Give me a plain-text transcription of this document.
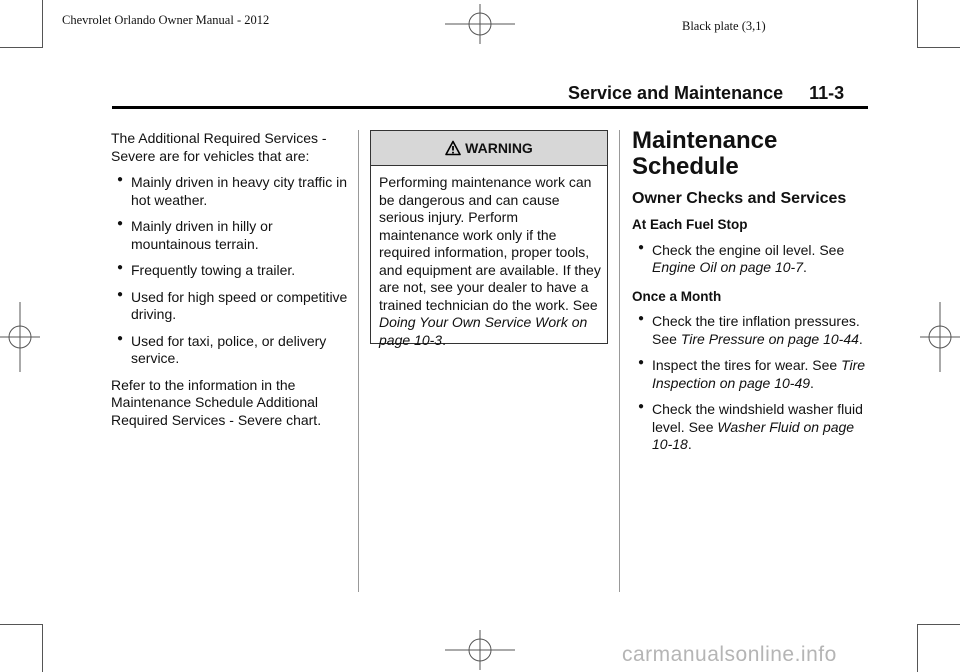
Chevrolet Orlando Owner Manual - 2012	Black plate (3,1)
Service and Maintenance 11-3

The Additional Required Services - Severe are for vehicles that are:

● Mainly driven in heavy city traffic in hot weather.
● Mainly driven in hilly or mountainous terrain.
● Frequently towing a trailer.
● Used for high speed or competitive driving.
● Used for taxi, police, or delivery service.

Refer to the information in the Maintenance Schedule Additional Required Services - Severe chart.

WARNING
Performing maintenance work can be dangerous and can cause serious injury. Perform maintenance work only if the required information, proper tools, and equipment are available. If they are not, see your dealer to have a trained technician do the work. See Doing Your Own Service Work on page 10-3.
Maintenance Schedule
Owner Checks and Services
At Each Fuel Stop
● Check the engine oil level. See Engine Oil on page 10-7.
Once a Month
● Check the tire inflation pressures. See Tire Pressure on page 10-44.
● Inspect the tires for wear. See Tire Inspection on page 10-49.
● Check the windshield washer fluid level. See Washer Fluid on page 10-18.
carmanualsonline.info
